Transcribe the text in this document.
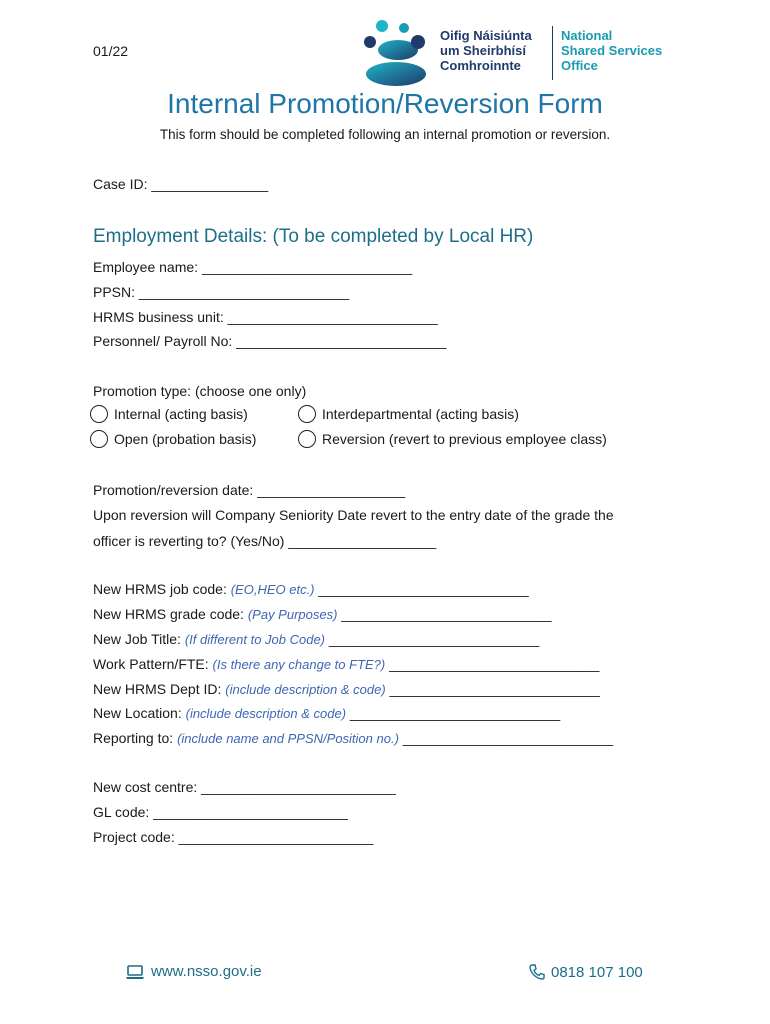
01/22
Oifig Náisiúnta
um Sheirbhísí
Comhroinnte
National
Shared Services
Office
Internal Promotion/Reversion Form
This form should be completed following an internal promotion or reversion.
Case ID: _______________
Employment Details: (To be completed by Local HR)
Employee name: ___________________________
PPSN: ___________________________
HRMS business unit: ___________________________
Personnel/ Payroll No: ___________________________
Promotion type: (choose one only)
Internal (acting basis)	Interdepartmental (acting basis)
Open (probation basis)	Reversion (revert to previous employee class)
Promotion/reversion date: ___________________
Upon reversion will Company Seniority Date revert to the entry date of the grade the
officer is reverting to? (Yes/No) ___________________
New HRMS job code: (EO,HEO etc.) ___________________________
New HRMS grade code: (Pay Purposes) ___________________________
New Job Title: (If different to Job Code) ___________________________
Work Pattern/FTE: (Is there any change to FTE?) ___________________________
New HRMS Dept ID: (include description & code) ___________________________
New Location: (include description & code) ___________________________
Reporting to: (include name and PPSN/Position no.) ___________________________
New cost centre: _________________________
GL code: _________________________
Project code: _________________________
www.nsso.gov.ie	0818 107 100
